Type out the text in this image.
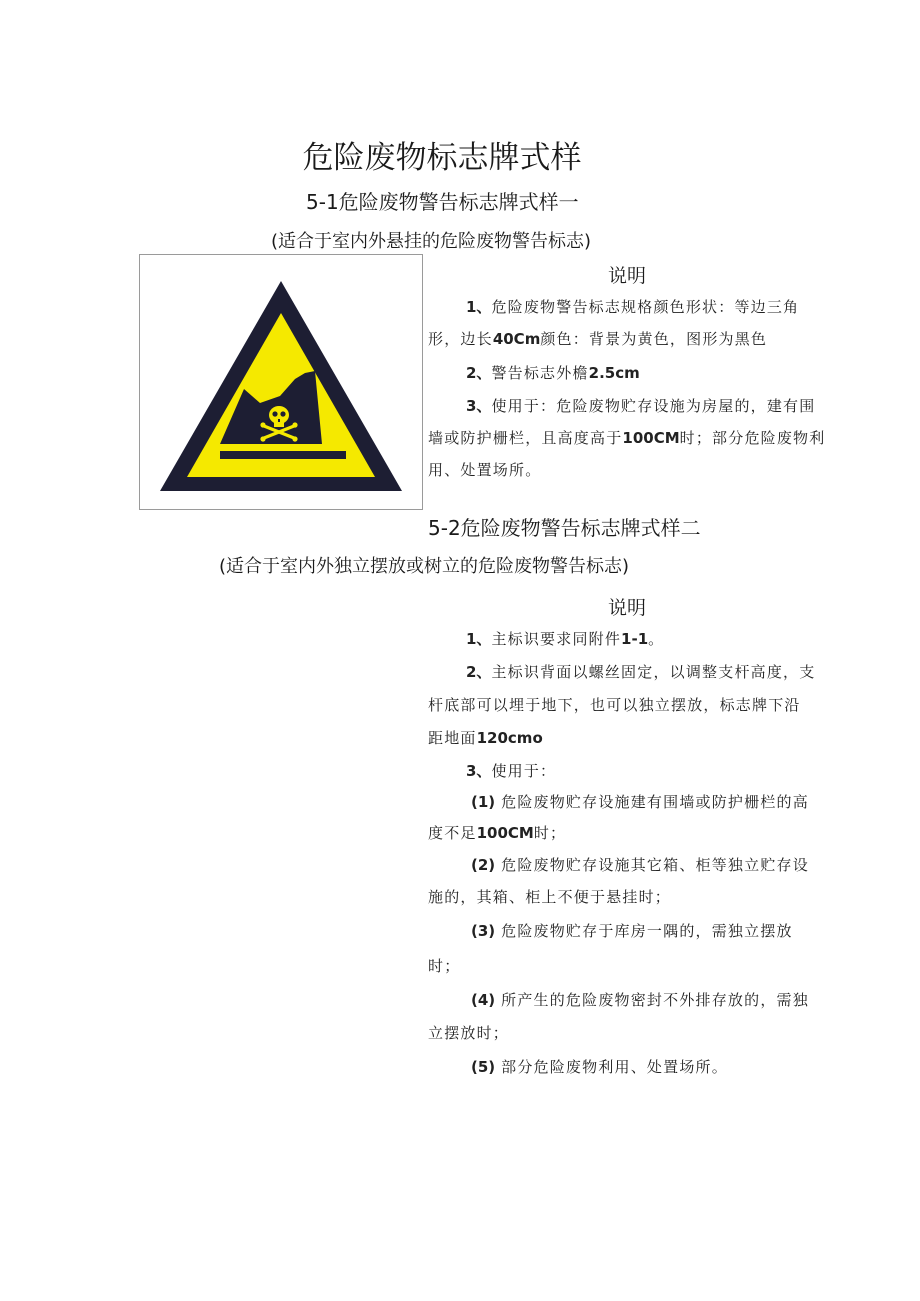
危险废物标志牌式样
5-1危险废物警告标志牌式样一
(适合于室内外悬挂的危险废物警告标志)
说明
1、危险废物警告标志规格颜色形状：等边三角
形，边长40Cm颜色：背景为黄色，图形为黑色
2、警告标志外檐2.5cm
3、使用于：危险废物贮存设施为房屋的，建有围
墙或防护栅栏，且高度高于100CM时；部分危险废物利
用、处置场所。
5-2危险废物警告标志牌式样二
(适合于室内外独立摆放或树立的危险废物警告标志)
说明
1、主标识要求同附件1-1。
2、主标识背面以螺丝固定，以调整支杆高度，支
杆底部可以埋于地下，也可以独立摆放，标志牌下沿
距地面120cmo
3、使用于：
(1) 危险废物贮存设施建有围墙或防护栅栏的高
度不足100CM时；
(2) 危险废物贮存设施其它箱、柜等独立贮存设
施的，其箱、柜上不便于悬挂时；
(3) 危险废物贮存于库房一隅的，需独立摆放
时；
(4) 所产生的危险废物密封不外排存放的，需独
立摆放时；
(5) 部分危险废物利用、处置场所。
